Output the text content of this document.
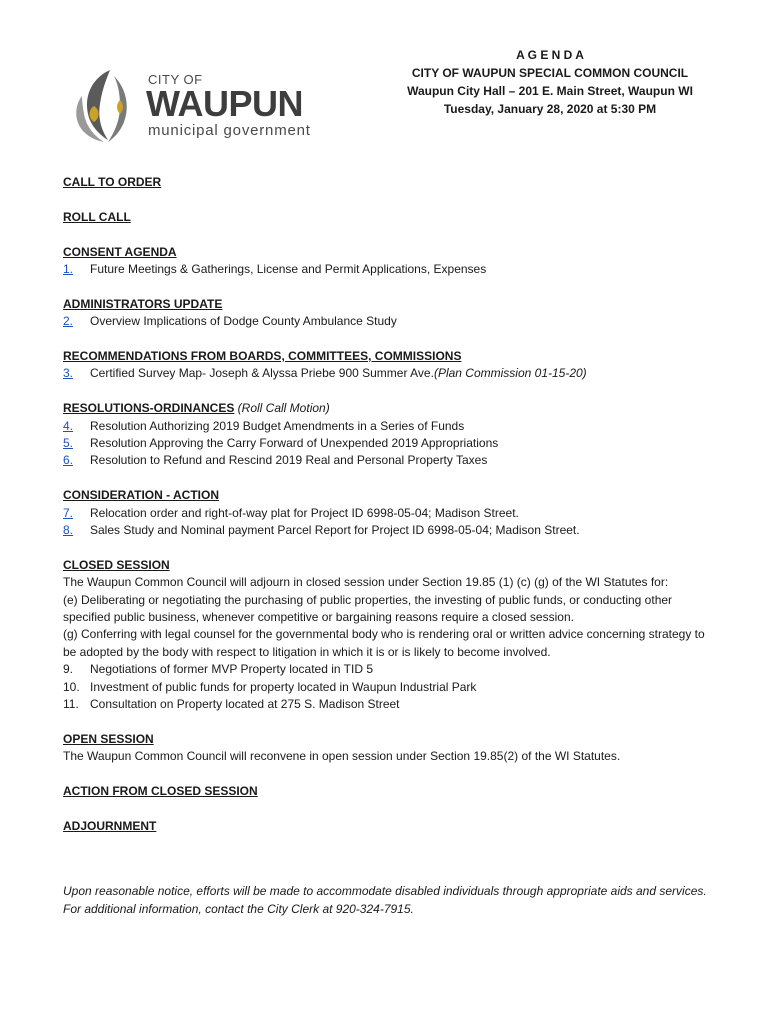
A G E N D A
CITY OF WAUPUN SPECIAL COMMON COUNCIL
Waupun City Hall – 201 E. Main Street, Waupun WI
Tuesday, January 28, 2020 at 5:30 PM
CITY OF
WAUPUN
municipal government
CALL TO ORDER
ROLL CALL
CONSENT AGENDA
1.	Future Meetings & Gatherings, License and Permit Applications, Expenses
ADMINISTRATORS UPDATE
2.	Overview Implications of Dodge County Ambulance Study
RECOMMENDATIONS FROM BOARDS, COMMITTEES, COMMISSIONS
3.	Certified Survey Map- Joseph & Alyssa Priebe 900 Summer Ave.(Plan Commission 01-15-20)
RESOLUTIONS-ORDINANCES (Roll Call Motion)
4.	Resolution Authorizing 2019 Budget Amendments in a Series of Funds
5.	Resolution Approving the Carry Forward of Unexpended 2019 Appropriations
6.	Resolution to Refund and Rescind 2019 Real and Personal Property Taxes
CONSIDERATION - ACTION
7.	Relocation order and right-of-way plat for Project ID 6998-05-04; Madison Street.
8.	Sales Study and Nominal payment Parcel Report for Project ID 6998-05-04; Madison Street.
CLOSED SESSION
The Waupun Common Council will adjourn in closed session under Section 19.85 (1) (c) (g) of the WI Statutes for:
(e) Deliberating or negotiating the purchasing of public properties, the investing of public funds, or conducting other specified public business, whenever competitive or bargaining reasons require a closed session.
(g) Conferring with legal counsel for the governmental body who is rendering oral or written advice concerning strategy to be adopted by the body with respect to litigation in which it is or is likely to become involved.
9.	Negotiations of former MVP Property located in TID 5
10. Investment of public funds for property located in Waupun Industrial Park
11. Consultation on Property located at 275 S. Madison Street
OPEN SESSION
The Waupun Common Council will reconvene in open session under Section 19.85(2) of the WI Statutes.
ACTION FROM CLOSED SESSION
ADJOURNMENT
Upon reasonable notice, efforts will be made to accommodate disabled individuals through appropriate aids and services. For additional information, contact the City Clerk at 920-324-7915.
